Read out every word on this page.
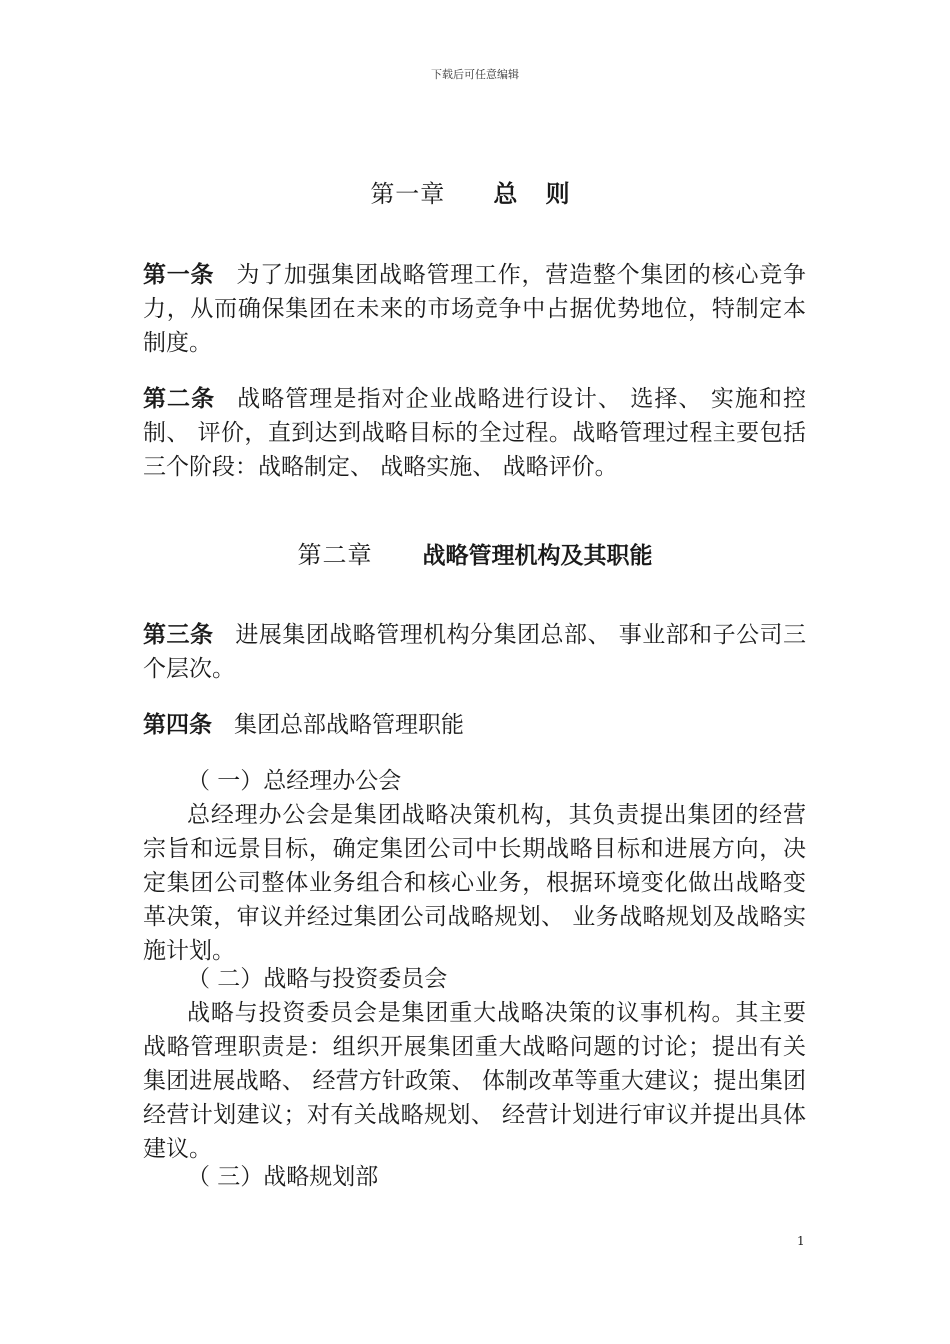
下载后可任意编辑
第一章 总 则

第一条 为了加强集团战略管理工作，营造整个集团的核心竞争力，从而确保集团在未来的市场竞争中占据优势地位，特制定本制度。

第二条 战略管理是指对企业战略进行设计、 选择、 实施和控制、 评价，直到达到战略目标的全过程。战略管理过程主要包括三个阶段：战略制定、 战略实施、 战略评价。

第二章 战略管理机构及其职能

第三条 进展集团战略管理机构分集团总部、 事业部和子公司三个层次。

第四条 集团总部战略管理职能

（ 一）总经理办公会

总经理办公会是集团战略决策机构，其负责提出集团的经营宗旨和远景目标，确定集团公司中长期战略目标和进展方向，决定集团公司整体业务组合和核心业务，根据环境变化做出战略变革决策，审议并经过集团公司战略规划、 业务战略规划及战略实施计划。

（ 二）战略与投资委员会

战略与投资委员会是集团重大战略决策的议事机构。其主要战略管理职责是：组织开展集团重大战略问题的讨论；提出有关集团进展战略、 经营方针政策、 体制改革等重大建议；提出集团经营计划建议；对有关战略规划、 经营计划进行审议并提出具体建议。

（ 三）战略规划部

1
